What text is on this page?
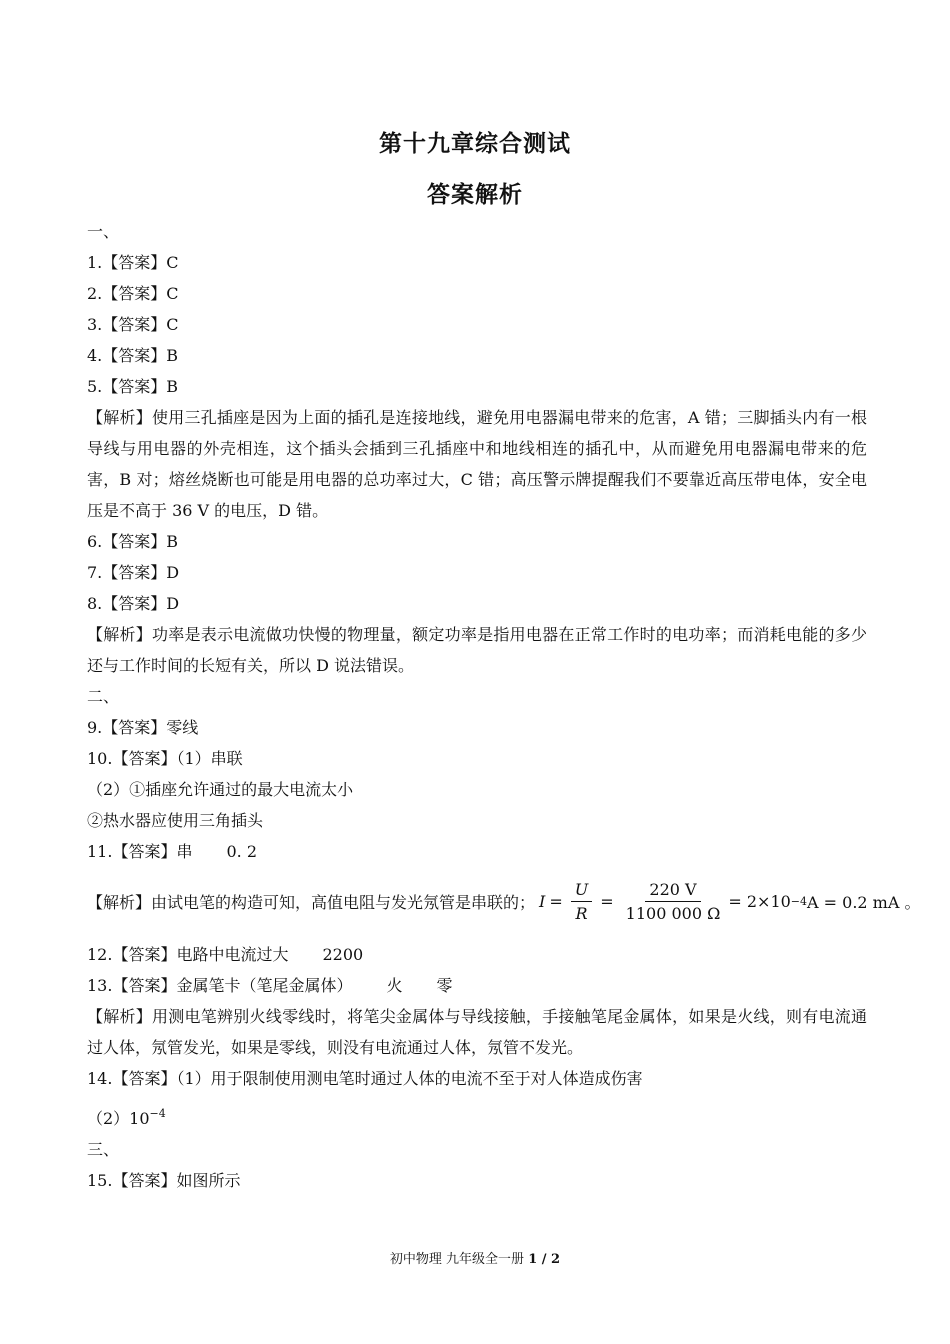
第十九章综合测试
答案解析
一、
1.【答案】C
2.【答案】C
3.【答案】C
4.【答案】B
5.【答案】B
【解析】使用三孔插座是因为上面的插孔是连接地线，避免用电器漏电带来的危害，A 错；三脚插头内有一根导线与用电器的外壳相连，这个插头会插到三孔插座中和地线相连的插孔中，从而避免用电器漏电带来的危害，B 对；熔丝烧断也可能是用电器的总功率过大，C 错；高压警示牌提醒我们不要靠近高压带电体，安全电压是不高于 36 V 的电压，D 错。
6.【答案】B
7.【答案】D
8.【答案】D
【解析】功率是表示电流做功快慢的物理量，额定功率是指用电器在正常工作时的电功率；而消耗电能的多少还与工作时间的长短有关，所以 D 说法错误。
二、
9.【答案】零线
10.【答案】（1）串联
（2）①插座允许通过的最大电流太小
②热水器应使用三角插头
11.【答案】串 0. 2
【解析】 由试电笔的构造可知，高值电阻与发光氖管是串联的； $I = \frac{U}{R} = \frac{220 V}{1100 000 \Omega} = 2\times 10 -4$ A = 0.2 mA 。
12.【答案】电路中电流过大 2200
13.【答案】金属笔卡（笔尾金属体） 火 零
【解析】用测电笔辨别火线零线时，将笔尖金属体与导线接触，手接触笔尾金属体，如果是火线，则有电流通过人体，氖管发光，如果是零线，则没有电流通过人体，氖管不发光。
14.【答案】（1）用于限制使用测电笔时通过人体的电流不至于对人体造成伤害
$(2)10^{-4}$
三、
15.【答案】如图所示
初中物理 九年级全一册 1 / 2
